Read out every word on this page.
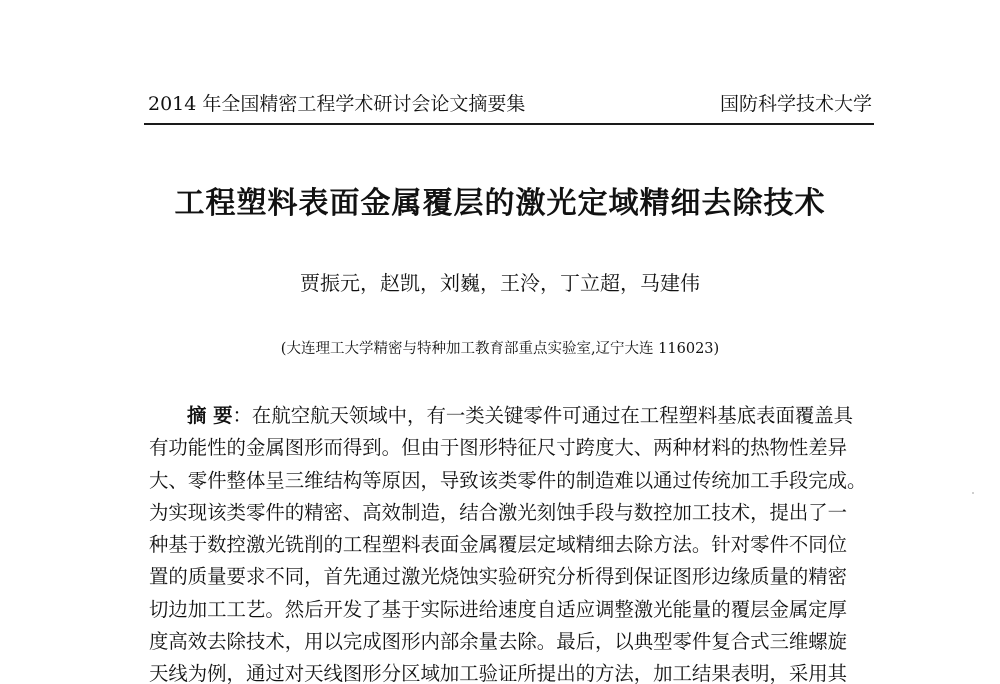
2014 年全国精密工程学术研讨会论文摘要集	国防科学技术大学
工程塑料表面金属覆层的激光定域精细去除技术
贾振元，赵凯，刘巍，王泠，丁立超，马建伟
(大连理工大学精密与特种加工教育部重点实验室,辽宁大连 116023)
摘 要：在航空航天领域中，有一类关键零件可通过在工程塑料基底表面覆盖具
有功能性的金属图形而得到。但由于图形特征尺寸跨度大、两种材料的热物性差异
大、零件整体呈三维结构等原因，导致该类零件的制造难以通过传统加工手段完成。
为实现该类零件的精密、高效制造，结合激光刻蚀手段与数控加工技术，提出了一
种基于数控激光铣削的工程塑料表面金属覆层定域精细去除方法。针对零件不同位
置的质量要求不同，首先通过激光烧蚀实验研究分析得到保证图形边缘质量的精密
切边加工工艺。然后开发了基于实际进给速度自适应调整激光能量的覆层金属定厚
度高效去除技术，用以完成图形内部余量去除。最后，以典型零件复合式三维螺旋
天线为例，通过对天线图形分区域加工验证所提出的方法，加工结果表明，采用其
